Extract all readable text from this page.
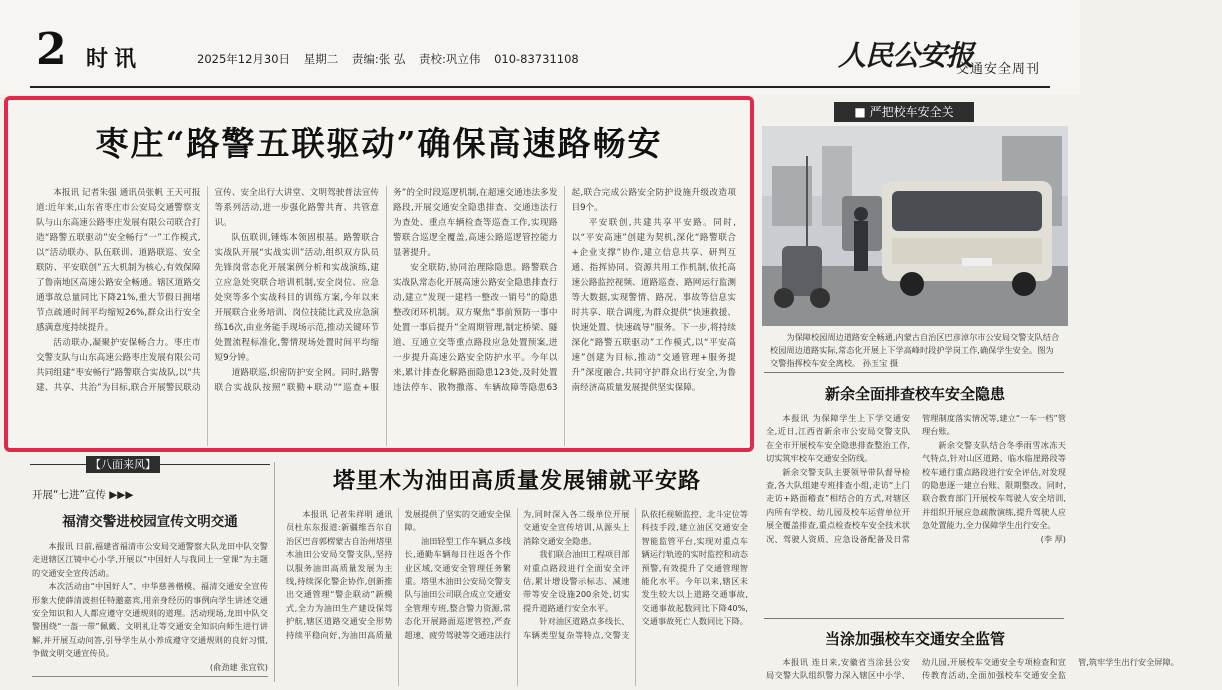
2 时讯	2025年12月30日 星期二 责编:张 弘 责校:巩立伟 010-83731108	人民公安报
交通安全周刊
枣庄“路警五联驱动”确保高速路畅安

本报讯 记者朱强 通讯员张帆 王天可报道:近年来,山东省枣庄市公安局交通警察支队与山东高速公路枣庄发展有限公司联合打造“路警五联驱动”安全畅行“一”工作模式,以“活动联办、队伍联训、道路联巡、安全联防、平安联创”五大机制为核心,有效保障了鲁南地区高速公路安全畅通。辖区道路交通事故总量同比下降21%,重大节假日拥堵节点疏通时间平均缩短26%,群众出行安全感满意度持续提升。

活动联办,凝聚护安保畅合力。枣庄市交警支队与山东高速公路枣庄发展有限公司共同组建“枣安畅行”路警联合实战队,以“共建、共享、共治”为目标,联合开展警民联动宣传、安全出行大讲堂、文明驾驶普法宣传等系列活动,进一步强化路警共育、共管意识。

队伍联训,锤炼本领固根基。路警联合实战队开展“实战实训”活动,组织双方队员先锋岗常态化开展案例分析和实战演练,建立应急处突联合培训机制,安全岗位、应急处突等多个实战科目的训练方案,今年以来开展联合业务培训、岗位技能比武及应急演练16次,由业务能手现场示范,推动关键环节处置流程标准化,警情现场处置时间平均缩短9分钟。

道路联巡,织密防护安全网。同时,路警联合实战队按照“联勤+联动”“巡查+服务”的全时段巡逻机制,在超速交通违法多发路段,开展交通安全隐患排查、交通违法行为查处、重点车辆检查等巡查工作,实现路警联合巡逻全覆盖,高速公路巡逻管控能力显著提升。

安全联防,协同治理除隐患。路警联合实战队常态化开展高速公路安全隐患排查行动,建立“发现一建档一整改一销号”的隐患整改闭环机制。双方聚焦“事前预防一事中处置一事后提升”全周期管理,制定桥梁、隧道、互通立交等重点路段应急处置预案,进一步提升高速公路安全防护水平。今年以来,累计排查化解路面隐患123处,及时处置违法停车、散物撒落、车辆故障等隐患63起,联合完成公路安全防护设施升级改造项目9个。

平安联创,共建共享平安路。同时,以“平安高速”创建为契机,深化“路警联合+企业支撑”协作,建立信息共享、研判互通、指挥协同、资源共用工作机制,依托高速公路监控视频、道路巡查、路网运行监测等大数据,实现警情、路况、事故等信息实时共享、联合调度,为群众提供“快速救援、快速处置、快速疏导”服务。下一步,将持续深化“路警五联驱动”工作模式,以“平安高速”创建为目标,推动“交通管理+服务提升”深度融合,共同守护群众出行安全,为鲁南经济高质量发展提供坚实保障。

■ 严把校车安全关
为保障校园周边道路安全畅通,内蒙古自治区巴彦淖尔市公安局交警支队结合校园周边道路实际,常态化开展上下学高峰时段护学岗工作,确保学生安全。图为交警指挥校车安全离校。 孙玉宝 摄
新余全面排查校车安全隐患

本报讯 为保障学生上下学交通安全,近日,江西省新余市公安局交警支队在全市开展校车安全隐患排查整治工作,切实筑牢校车交通安全防线。

新余交警支队主要领导带队督导检查,各大队组建专班排查小组,走访“上门走访+路面稽查”相结合的方式,对辖区内所有学校、幼儿园及校车运营单位开展全覆盖排查,重点检查校车安全技术状况、驾驶人资质、应急设备配备及日常管理制度落实情况等,建立“一车一档”管理台账。

新余交警支队结合冬季雨雪冰冻天气特点,针对山区道路、临水临崖路段等校车通行重点路段进行安全评估,对发现的隐患逐一建立台账、限期整改。同时,联合教育部门开展校车驾驶人安全培训,并组织开展应急疏散演练,提升驾驶人应急处置能力,全力保障学生出行安全。

(李 厚)

当涂加强校车交通安全监管

本报讯 连日来,安徽省当涂县公安局交警大队组织警力深入辖区中小学、幼儿园,开展校车交通安全专项检查和宣传教育活动,全面加强校车交通安全监管,筑牢学生出行安全屏障。

【八面来风】
开展“七进”宣传 ▶▶▶
福清交警进校园宣传文明交通

本报讯 日前,福建省福清市公安局交通警察大队龙田中队交警走进辖区江镜中心小学,开展以“中国好人与我同上一堂课”为主题的交通安全宣传活动。

本次活动由“中国好人”、中华慈善楷模、福清交通安全宣传形象大使薛清波担任特邀嘉宾,用亲身经历的事例向学生讲述交通安全知识和人人都应遵守交通规则的道理。活动现场,龙田中队交警围绕“一盔一带”佩戴、文明礼让等交通安全知识向师生进行讲解,并开展互动问答,引导学生从小养成遵守交通规则的良好习惯,争做文明交通宣传员。

(俞劲建 张宜钦)

塔里木为油田高质量发展铺就平安路

本报讯 记者朱祥明 通讯员杜东东报道:新疆维吾尔自治区巴音郭楞蒙古自治州塔里木油田公安局交警支队,坚持以服务油田高质量发展为主线,持续深化警企协作,创新推出交通管理“警企联动”新模式,全力为油田生产建设保驾护航,辖区道路交通安全形势持续平稳向好,为油田高质量发展提供了坚实的交通安全保障。

油田轻型工作车辆点多线长,通勤车辆每日往返各个作业区域,交通安全管理任务繁重。塔里木油田公安局交警支队与油田公司联合成立交通安全管理专班,整合警力资源,常态化开展路面巡逻管控,严查超速、疲劳驾驶等交通违法行为,同时深入各二级单位开展交通安全宣传培训,从源头上消除交通安全隐患。

我们联合油田工程项目部对重点路段进行全面安全评估,累计增设警示标志、减速带等安全设施200余处,切实提升道路通行安全水平。

针对油区道路点多线长、车辆类型复杂等特点,交警支队依托视频监控、北斗定位等科技手段,建立油区交通安全智能监管平台,实现对重点车辆运行轨迹的实时监控和动态预警,有效提升了交通管理智能化水平。今年以来,辖区未发生较大以上道路交通事故,交通事故起数同比下降40%,交通事故死亡人数同比下降。
